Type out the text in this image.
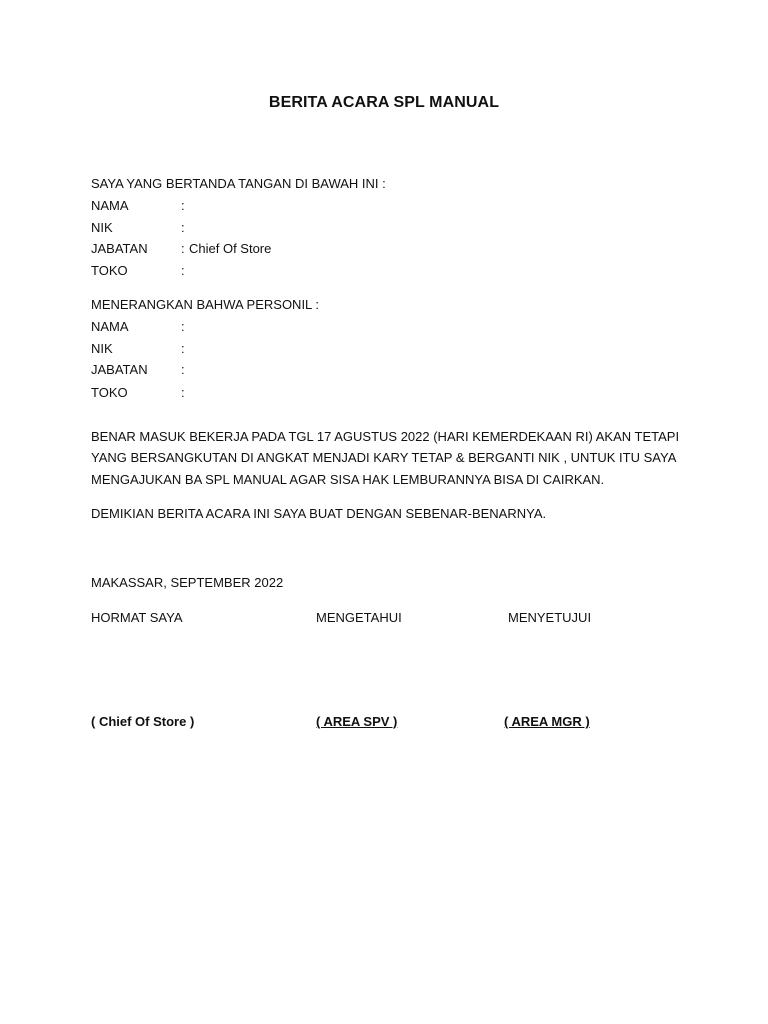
BERITA ACARA SPL MANUAL
SAYA YANG BERTANDA TANGAN DI BAWAH INI :
NAMA	:
NIK	:
JABATAN	: Chief Of Store
TOKO	:
MENERANGKAN BAHWA PERSONIL :
NAMA	:
NIK	:
JABATAN	:
TOKO	:
BENAR MASUK BEKERJA PADA TGL 17 AGUSTUS 2022 (HARI KEMERDEKAAN RI) AKAN TETAPI
YANG BERSANGKUTAN DI ANGKAT MENJADI KARY TETAP & BERGANTI NIK , UNTUK ITU SAYA
MENGAJUKAN BA SPL MANUAL AGAR SISA HAK LEMBURANNYA BISA DI CAIRKAN.
DEMIKIAN BERITA ACARA INI SAYA BUAT DENGAN SEBENAR-BENARNYA.
MAKASSAR, SEPTEMBER 2022
HORMAT SAYA	MENGETAHUI	MENYETUJUI
( Chief Of Store )	( AREA SPV )	( AREA MGR )
